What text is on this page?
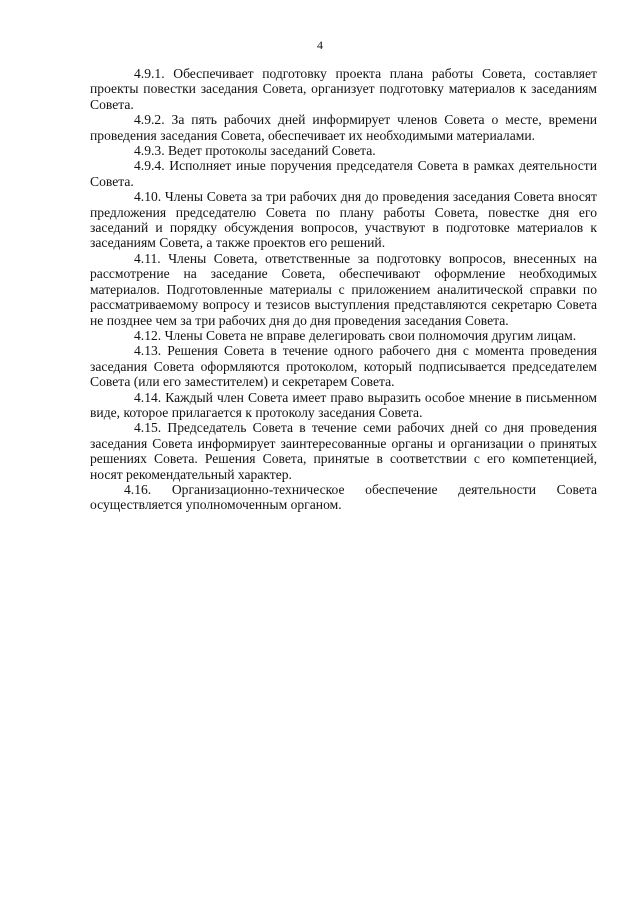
4

4.9.1. Обеспечивает подготовку проекта плана работы Совета, составляет проекты повестки заседания Совета, организует подготовку материалов к заседаниям Совета.

4.9.2. За пять рабочих дней информирует членов Совета о месте, времени проведения заседания Совета, обеспечивает их необходимыми материалами.

4.9.3. Ведет протоколы заседаний Совета.

4.9.4. Исполняет иные поручения председателя Совета в рамках деятельности Совета.

4.10. Члены Совета за три рабочих дня до проведения заседания Совета вносят предложения председателю Совета по плану работы Совета, повестке дня его заседаний и порядку обсуждения вопросов, участвуют в подготовке материалов к заседаниям Совета, а также проектов его решений.

4.11. Члены Совета, ответственные за подготовку вопросов, внесенных на рассмотрение на заседание Совета, обеспечивают оформление необходимых материалов. Подготовленные материалы с приложением аналитической справки по рассматриваемому вопросу и тезисов выступления представляются секретарю Совета не позднее чем за три рабочих дня до дня проведения заседания Совета.

4.12. Члены Совета не вправе делегировать свои полномочия другим лицам.

4.13. Решения Совета в течение одного рабочего дня с момента проведения заседания Совета оформляются протоколом, который подписывается председателем Совета (или его заместителем) и секретарем Совета.

4.14. Каждый член Совета имеет право выразить особое мнение в письменном виде, которое прилагается к протоколу заседания Совета.

4.15. Председатель Совета в течение семи рабочих дней со дня проведения заседания Совета информирует заинтересованные органы и организации о принятых решениях Совета. Решения Совета, принятые в соответствии с его компетенцией, носят рекомендательный характер.

4.16. Организационно-техническое обеспечение деятельности Совета осуществляется уполномоченным органом.
